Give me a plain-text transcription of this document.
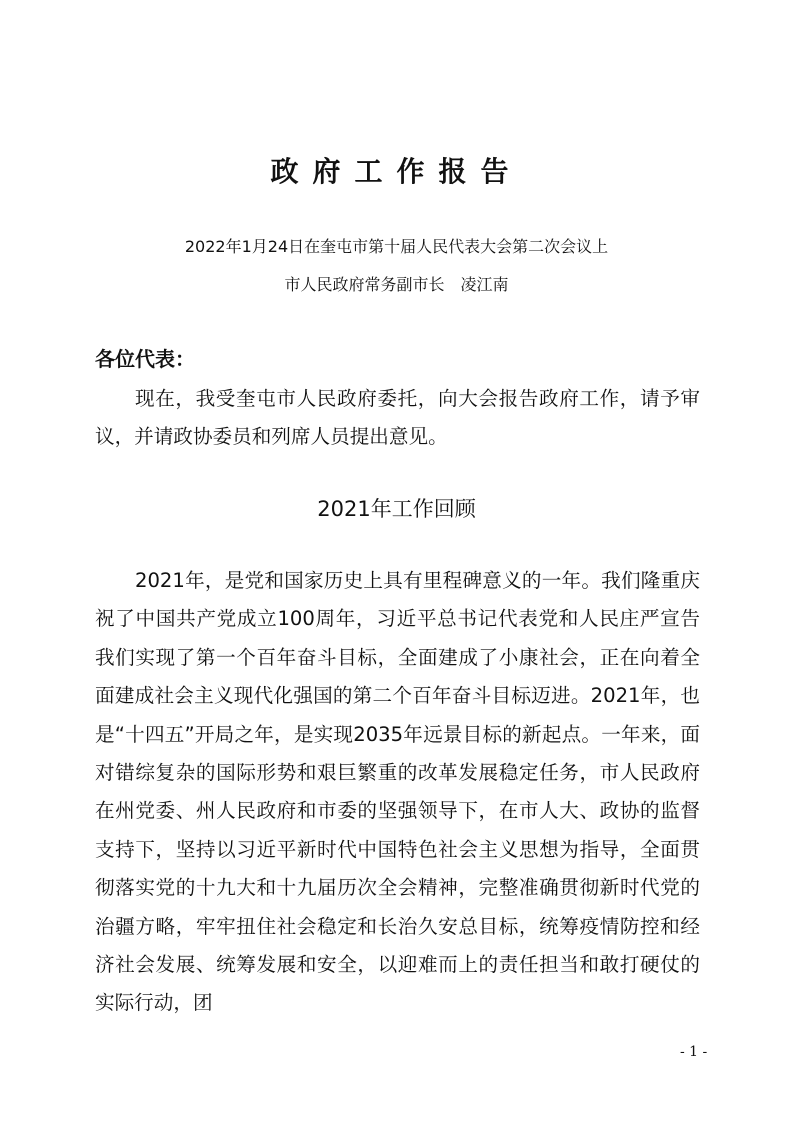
政府工作报告
2022年1月24日在奎屯市第十届人民代表大会第二次会议上
市人民政府常务副市长　凌江南
各位代表：

现在，我受奎屯市人民政府委托，向大会报告政府工作，请予审议，并请政协委员和列席人员提出意见。

2021年工作回顾

2021年，是党和国家历史上具有里程碑意义的一年。我们隆重庆祝了中国共产党成立100周年，习近平总书记代表党和人民庄严宣告我们实现了第一个百年奋斗目标，全面建成了小康社会，正在向着全面建成社会主义现代化强国的第二个百年奋斗目标迈进。2021年，也是“十四五”开局之年，是实现2035年远景目标的新起点。一年来，面对错综复杂的国际形势和艰巨繁重的改革发展稳定任务，市人民政府在州党委、州人民政府和市委的坚强领导下，在市人大、政协的监督支持下，坚持以习近平新时代中国特色社会主义思想为指导，全面贯彻落实党的十九大和十九届历次全会精神，完整准确贯彻新时代党的治疆方略，牢牢扭住社会稳定和长治久安总目标，统筹疫情防控和经济社会发展、统筹发展和安全，以迎难而上的责任担当和敢打硬仗的实际行动，团

- 1 -
